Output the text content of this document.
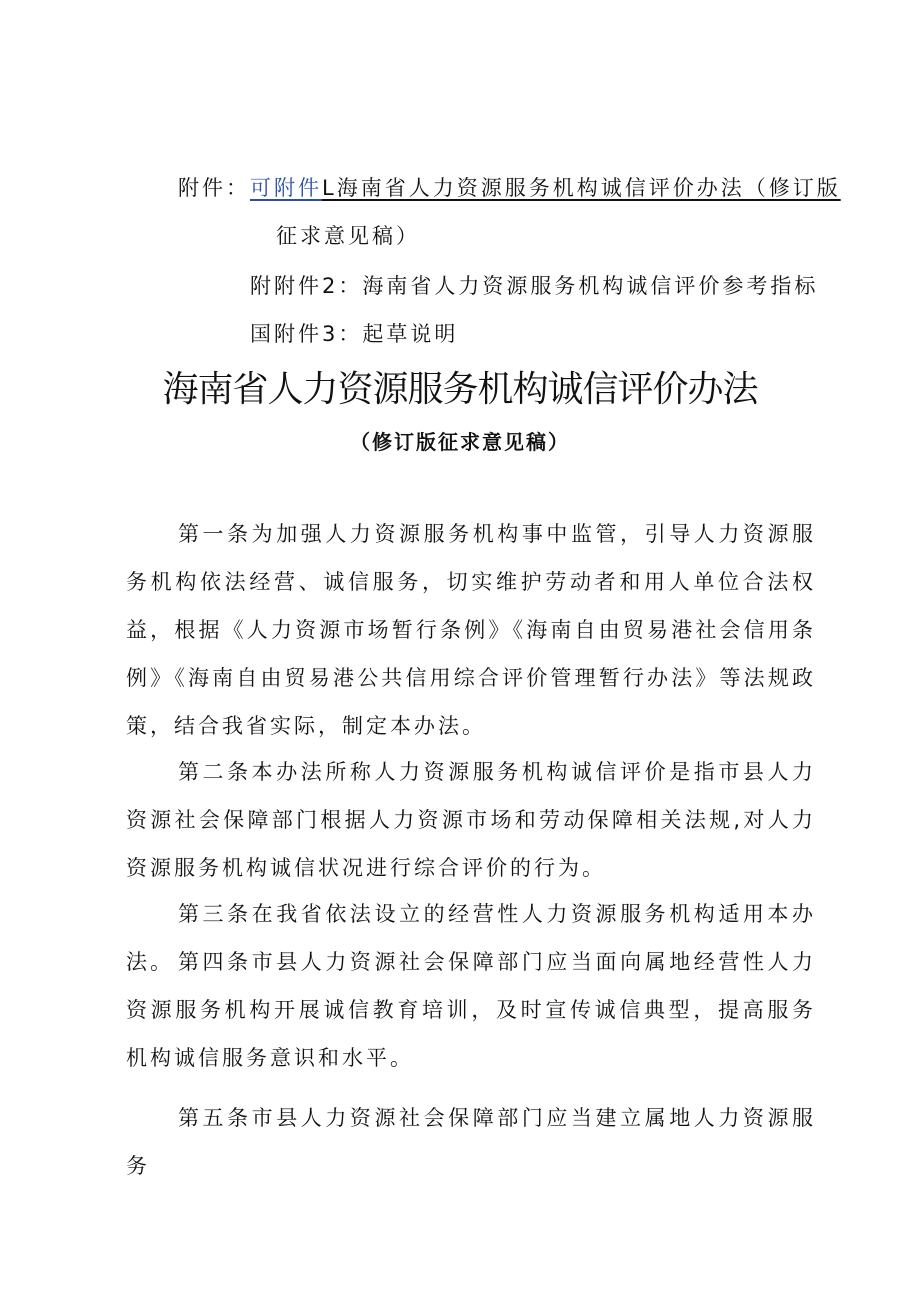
附件：可附件L海南省人力资源服务机构诚信评价办法（修订版
征求意见稿）
附附件2：海南省人力资源服务机构诚信评价参考指标
国附件3：起草说明
海南省人力资源服务机构诚信评价办法
（修订版征求意见稿）

第一条为加强人力资源服务机构事中监管，引导人力资源服务机构依法经营、诚信服务，切实维护劳动者和用人单位合法权益，根据《人力资源市场暂行条例》《海南自由贸易港社会信用条例》《海南自由贸易港公共信用综合评价管理暂行办法》等法规政策，结合我省实际，制定本办法。

第二条本办法所称人力资源服务机构诚信评价是指市县人力资源社会保障部门根据人力资源市场和劳动保障相关法规,对人力资源服务机构诚信状况进行综合评价的行为。

第三条在我省依法设立的经营性人力资源服务机构适用本办法。 第四条市县人力资源社会保障部门应当面向属地经营性人力资源服务机构开展诚信教育培训，及时宣传诚信典型，提高服务机构诚信服务意识和水平。

第五条市县人力资源社会保障部门应当建立属地人力资源服务
